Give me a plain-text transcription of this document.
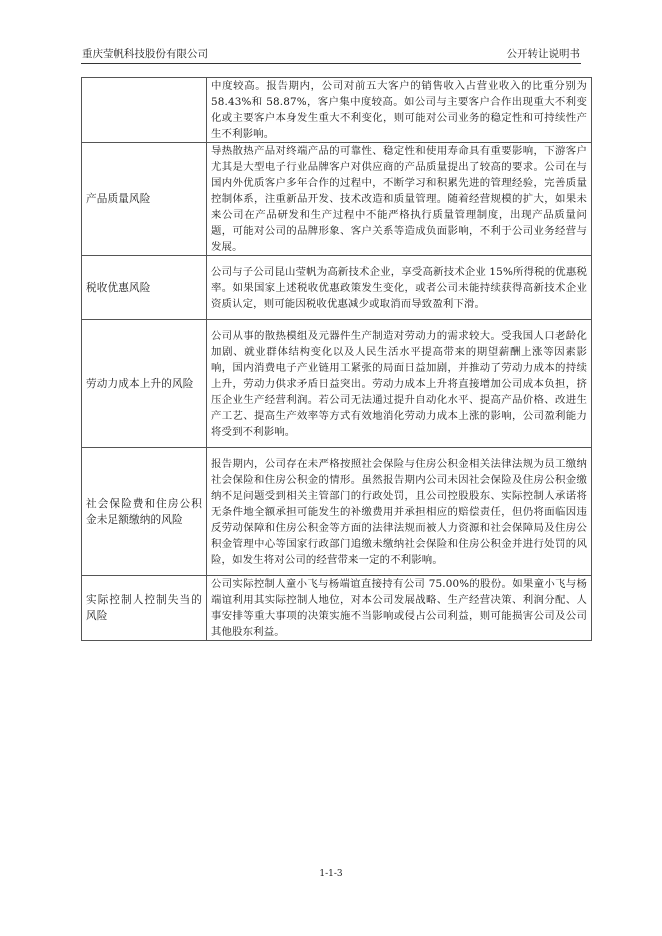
重庆莹帆科技股份有限公司	公开转让说明书
	中度较高。报告期内，公司对前五大客户的销售收入占营业收入的比重分别为 58.43%和 58.87%，客户集中度较高。如公司与主要客户合作出现重大不利变化或主要客户本身发生重大不利变化，则可能对公司业务的稳定性和可持续性产生不利影响。
产品质量风险	导热散热产品对终端产品的可靠性、稳定性和使用寿命具有重要影响，下游客户尤其是大型电子行业品牌客户对供应商的产品质量提出了较高的要求。公司在与国内外优质客户多年合作的过程中，不断学习和积累先进的管理经验，完善质量控制体系，注重新品开发、技术改造和质量管理。随着经营规模的扩大，如果未来公司在产品研发和生产过程中不能严格执行质量管理制度，出现产品质量问题，可能对公司的品牌形象、客户关系等造成负面影响，不利于公司业务经营与发展。
税收优惠风险	公司与子公司昆山莹帆为高新技术企业，享受高新技术企业 15%所得税的优惠税率。如果国家上述税收优惠政策发生变化，或者公司未能持续获得高新技术企业资质认定，则可能因税收优惠减少或取消而导致盈利下滑。
劳动力成本上升的风险	公司从事的散热模组及元器件生产制造对劳动力的需求较大。受我国人口老龄化加剧、就业群体结构变化以及人民生活水平提高带来的期望薪酬上涨等因素影响，国内消费电子产业链用工紧张的局面日益加剧，并推动了劳动力成本的持续上升，劳动力供求矛盾日益突出。劳动力成本上升将直接增加公司成本负担，挤压企业生产经营利润。若公司无法通过提升自动化水平、提高产品价格、改进生产工艺、提高生产效率等方式有效地消化劳动力成本上涨的影响，公司盈利能力将受到不利影响。
社会保险费和住房公积金未足额缴纳的风险	报告期内，公司存在未严格按照社会保险与住房公积金相关法律法规为员工缴纳社会保险和住房公积金的情形。虽然报告期内公司未因社会保险及住房公积金缴纳不足问题受到相关主管部门的行政处罚，且公司控股股东、实际控制人承诺将无条件地全额承担可能发生的补缴费用并承担相应的赔偿责任，但仍将面临因违反劳动保障和住房公积金等方面的法律法规而被人力资源和社会保障局及住房公积金管理中心等国家行政部门追缴未缴纳社会保险和住房公积金并进行处罚的风险，如发生将对公司的经营带来一定的不利影响。
实际控制人控制失当的风险	公司实际控制人童小飞与杨端谊直接持有公司 75.00%的股份。如果童小飞与杨端谊利用其实际控制人地位，对本公司发展战略、生产经营决策、利润分配、人事安排等重大事项的决策实施不当影响或侵占公司利益，则可能损害公司及公司其他股东利益。
1-1-3
